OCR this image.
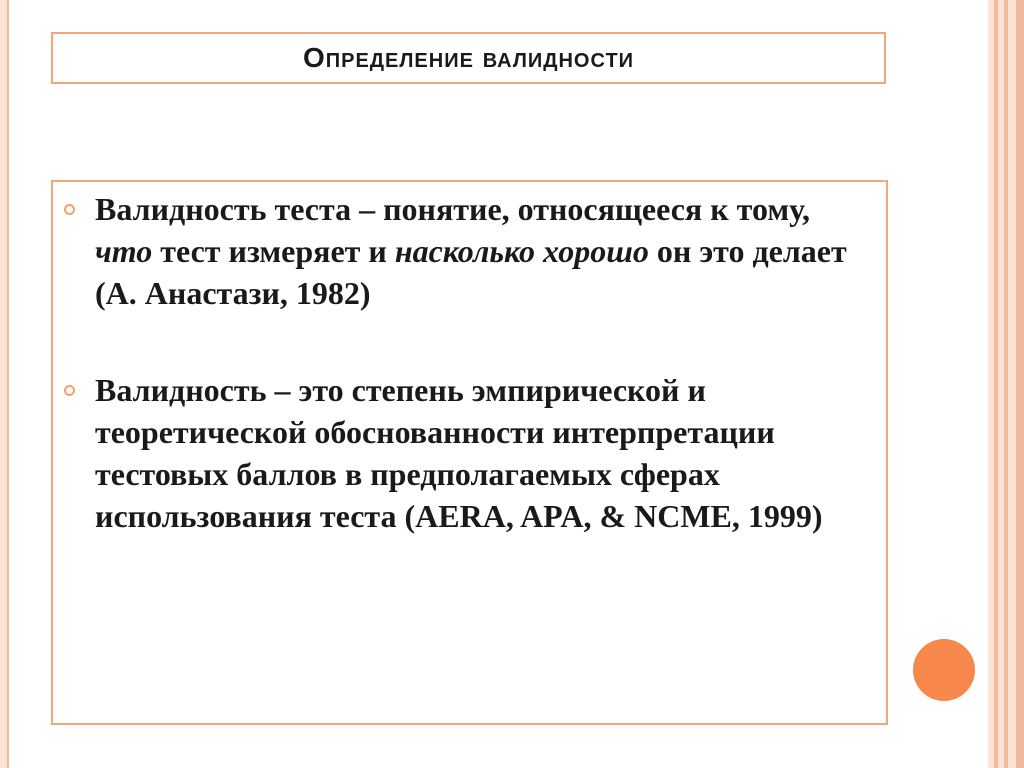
Определение валидности
Валидность теста – понятие, относящееся к тому, что тест измеряет и насколько хорошо он это делает (А. Анастази, 1982)
Валидность – это степень эмпирической и теоретической обоснованности интерпретации тестовых баллов в предполагаемых сферах использования теста (AERA, APA, & NCME, 1999)
